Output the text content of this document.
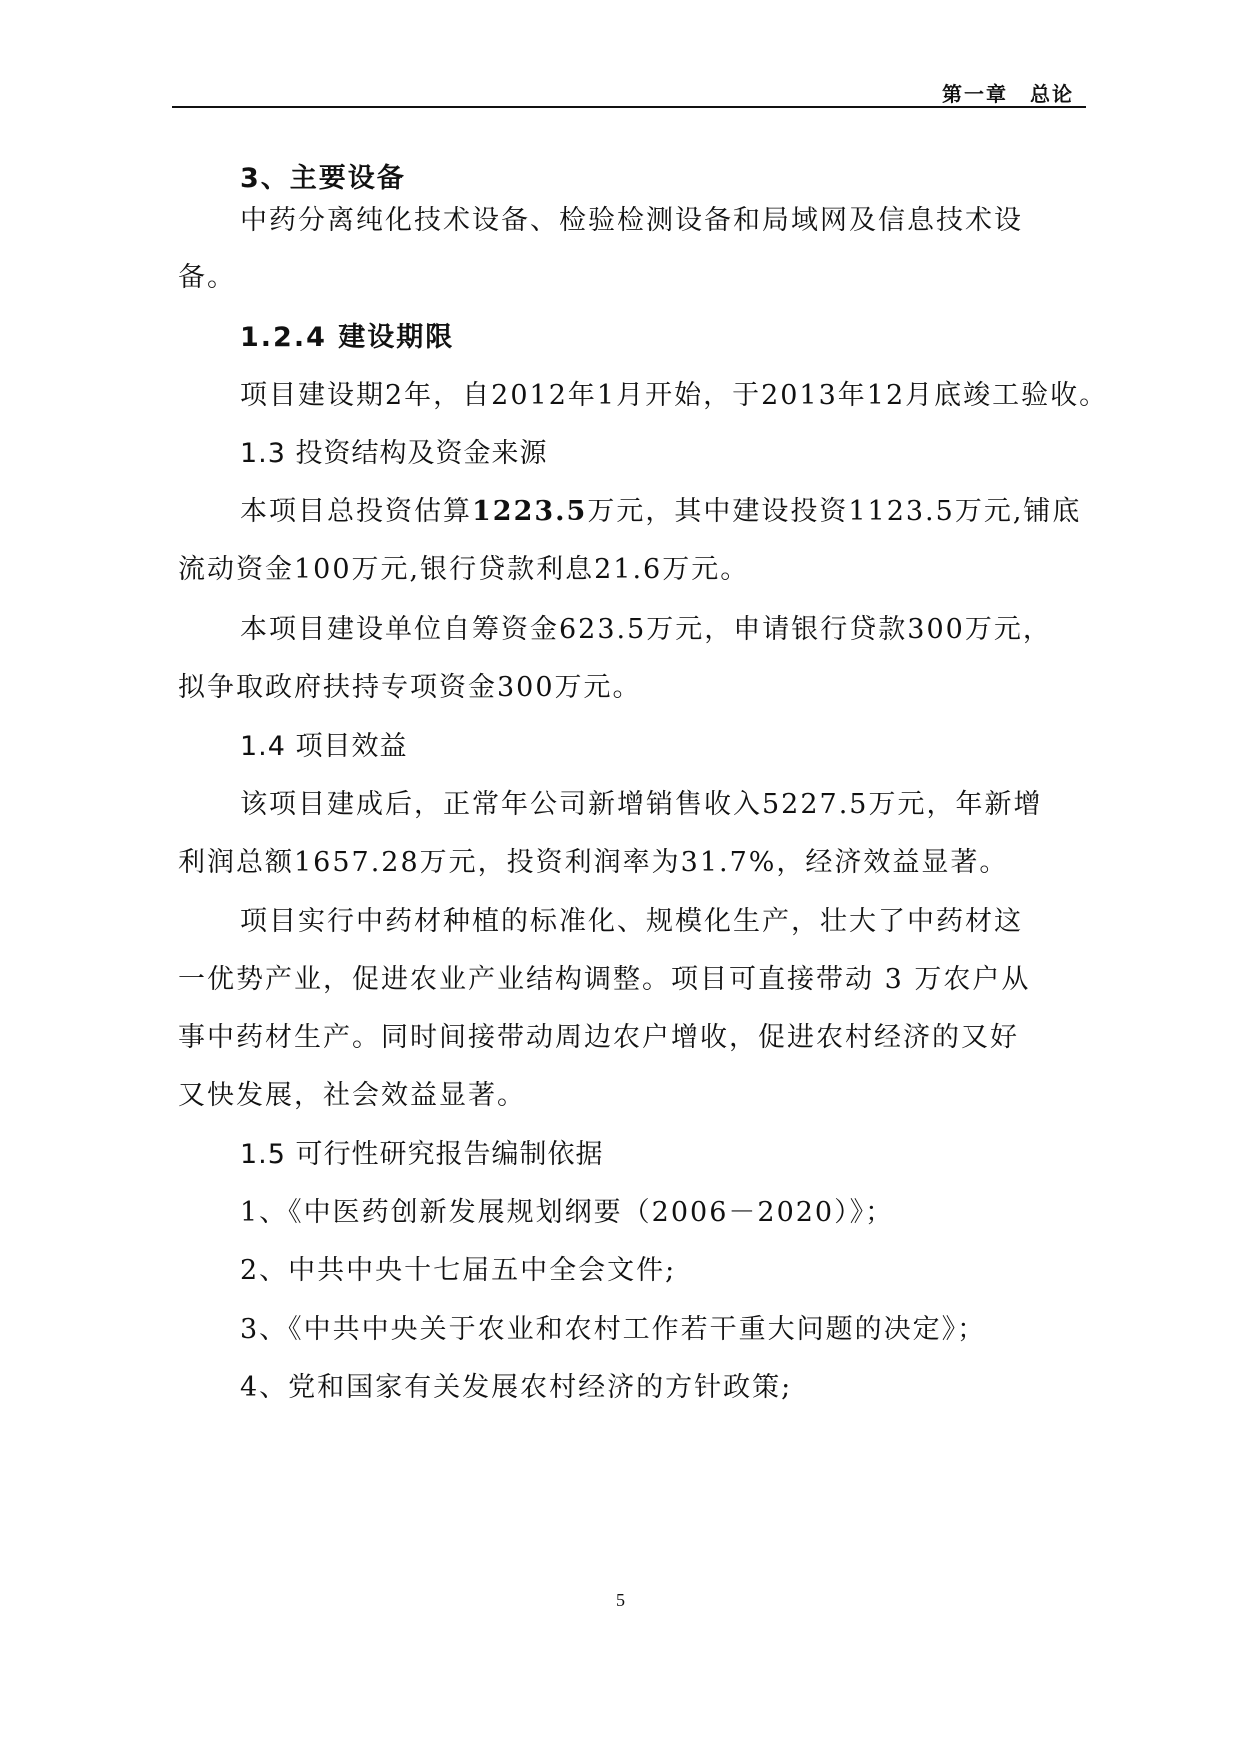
第一章　总论
3、主要设备
中药分离纯化技术设备、检验检测设备和局域网及信息技术设
备。
1.2.4 建设期限
项目建设期2年，自2012年1月开始，于2013年12月底竣工验收。
1.3 投资结构及资金来源
本项目总投资估算1223.5万元，其中建设投资1123.5万元,铺底
流动资金100万元,银行贷款利息21.6万元。
本项目建设单位自筹资金623.5万元，申请银行贷款300万元，
拟争取政府扶持专项资金300万元。
1.4 项目效益
该项目建成后，正常年公司新增销售收入5227.5万元，年新增
利润总额1657.28万元，投资利润率为31.7%，经济效益显著。
项目实行中药材种植的标准化、规模化生产，壮大了中药材这
一优势产业，促进农业产业结构调整。项目可直接带动 3 万农户从
事中药材生产。同时间接带动周边农户增收，促进农村经济的又好
又快发展，社会效益显著。
1.5 可行性研究报告编制依据
1、《中医药创新发展规划纲要（2006－2020）》；
2、中共中央十七届五中全会文件;
3、《中共中央关于农业和农村工作若干重大问题的决定》；
4、党和国家有关发展农村经济的方针政策;
5
